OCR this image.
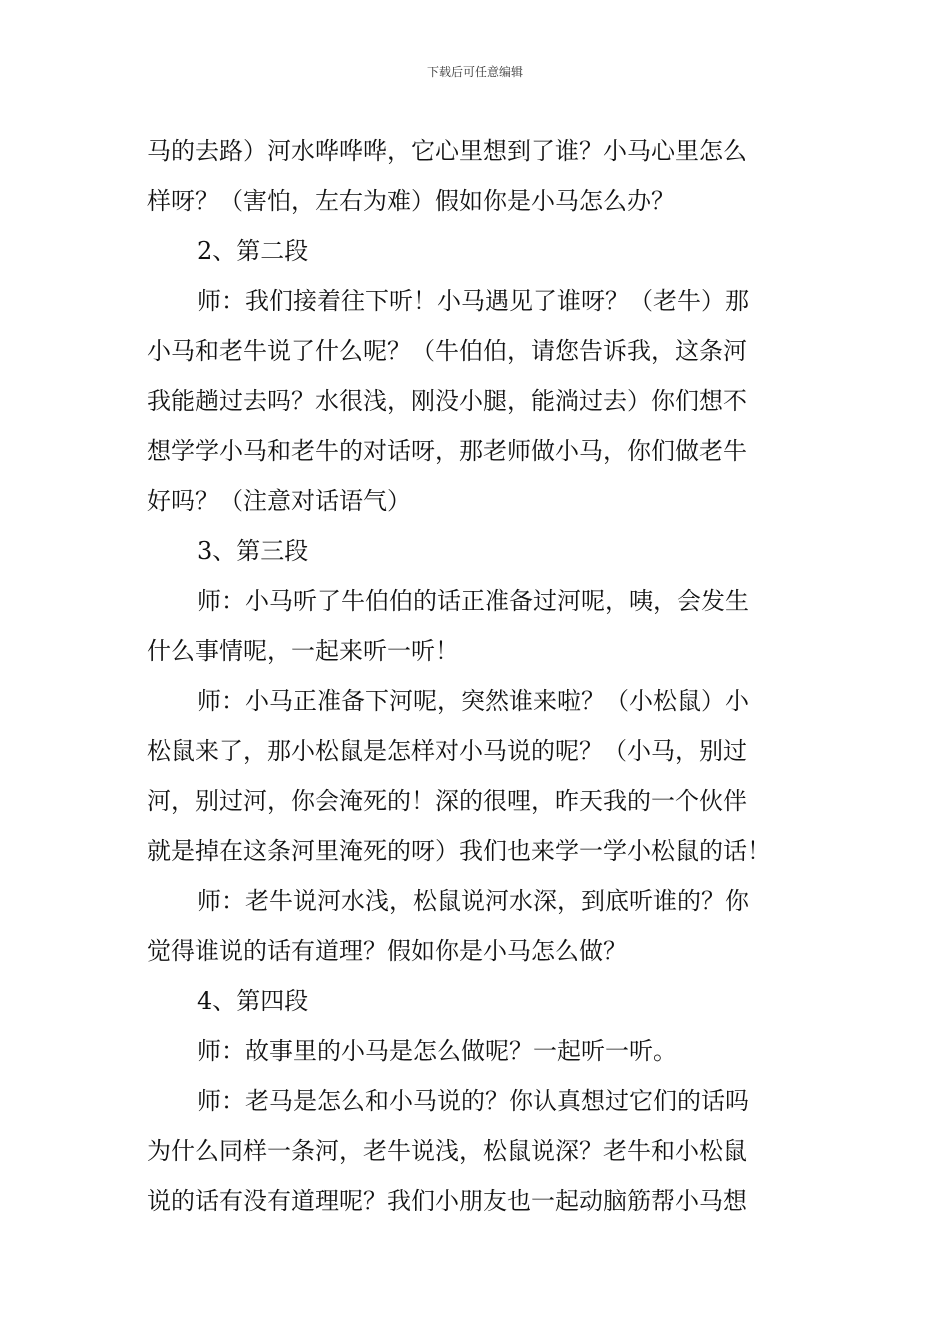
下载后可任意编辑
马的去路）河水哗哗哗，它心里想到了谁？小马心里怎么
样呀？（害怕，左右为难）假如你是小马怎么办？
2、第二段
师：我们接着往下听！小马遇见了谁呀？（老牛）那
小马和老牛说了什么呢？（牛伯伯，请您告诉我，这条河
我能趟过去吗？水很浅，刚没小腿，能淌过去）你们想不
想学学小马和老牛的对话呀，那老师做小马，你们做老牛
好吗？（注意对话语气）
3、第三段
师：小马听了牛伯伯的话正准备过河呢，咦，会发生
什么事情呢，一起来听一听！
师：小马正准备下河呢，突然谁来啦？（小松鼠）小
松鼠来了，那小松鼠是怎样对小马说的呢？（小马，别过
河，别过河，你会淹死的！深的很哩，昨天我的一个伙伴
就是掉在这条河里淹死的呀）我们也来学一学小松鼠的话！
师：老牛说河水浅，松鼠说河水深，到底听谁的？你
觉得谁说的话有道理？假如你是小马怎么做？
4、第四段
师：故事里的小马是怎么做呢？一起听一听。
师：老马是怎么和小马说的？你认真想过它们的话吗
为什么同样一条河，老牛说浅，松鼠说深？老牛和小松鼠
说的话有没有道理呢？我们小朋友也一起动脑筋帮小马想
